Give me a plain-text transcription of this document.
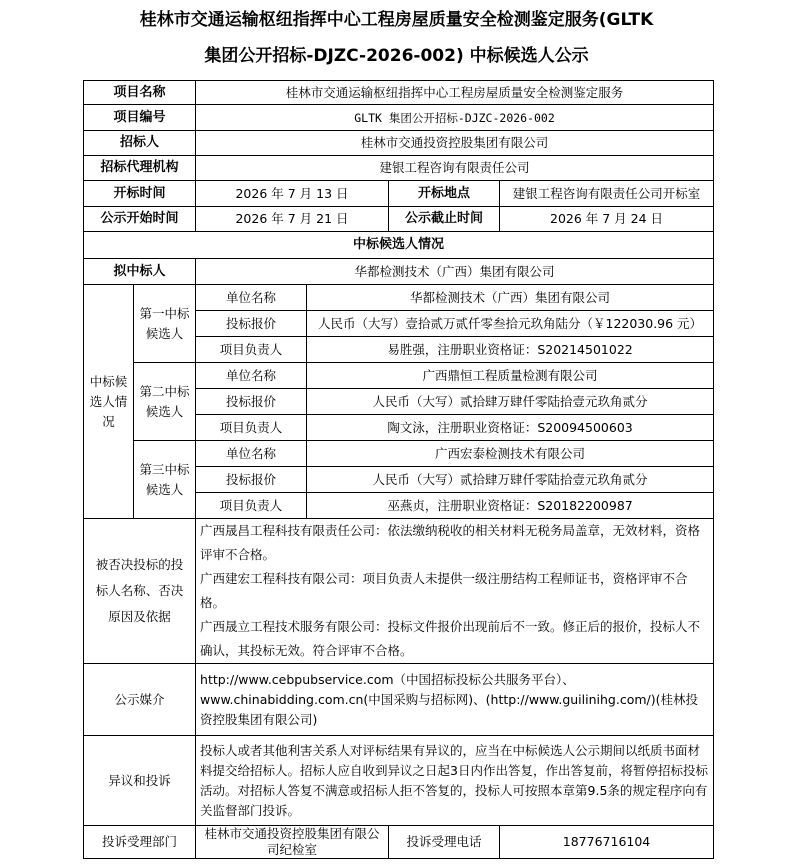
桂林市交通运输枢纽指挥中心工程房屋质量安全检测鉴定服务(GLTK
集团公开招标-DJZC-2026-002) 中标候选人公示
项目名称		桂林市交通运输枢纽指挥中心工程房屋质量安全检测鉴定服务			
项目编号		GLTK 集团公开招标-DJZC-2026-002			
招标人		桂林市交通投资控股集团有限公司			
招标代理机构		建银工程咨询有限责任公司			
开标时间		2026 年 7 月 13 日		开标地点	建银工程咨询有限责任公司开标室
公示开始时间		2026 年 7 月 21 日		公示截止时间	2026 年 7 月 24 日
中标候选人情况					
拟中标人		华都检测技术（广西）集团有限公司			
中标候选人情况	第一中标候选人	单位名称	华都检测技术（广西）集团有限公司		
		投标报价	人民币（大写）壹拾贰万贰仟零叁拾元玖角陆分（￥122030.96 元）		
		项目负责人	易胜强，注册职业资格证：S20214501022		
	第二中标候选人	单位名称	广西鼎恒工程质量检测有限公司		
		投标报价	人民币（大写）贰拾肆万肆仟零陆拾壹元玖角贰分		
		项目负责人	陶文泳，注册职业资格证：S20094500603		
	第三中标候选人	单位名称	广西宏泰检测技术有限公司		
		投标报价	人民币（大写）贰拾肆万肆仟零陆拾壹元玖角贰分		
		项目负责人	巫燕贞，注册职业资格证：S20182200987		
被否决投标的投标人名称、否决原因及依据		广西晟昌工程科技有限责任公司：依法缴纳税收的相关材料无税务局盖章，无效材料，资格评审不合格。
广西建宏工程科技有限公司：项目负责人未提供一级注册结构工程师证书，资格评审不合格。
广西晟立工程技术服务有限公司：投标文件报价出现前后不一致。修正后的报价，投标人不确认，其投标无效。符合评审不合格。			

公示媒介		http://www.cebpubservice.com（中国招标投标公共服务平台）、www.chinabidding.com.cn(中国采购与招标网)、(http://www.guilinihg.com/)(桂林投资控股集团有限公司)			
异议和投诉		投标人或者其他利害关系人对评标结果有异议的，应当在中标候选人公示期间以纸质书面材料提交给招标人。招标人应自收到异议之日起3日内作出答复，作出答复前，将暂停招标投标活动。对招标人答复不满意或招标人拒不答复的，投标人可按照本章第9.5条的规定程序向有关监督部门投诉。			
投诉受理部门		桂林市交通投资控股集团有限公司纪检室		投诉受理电话	18776716104
